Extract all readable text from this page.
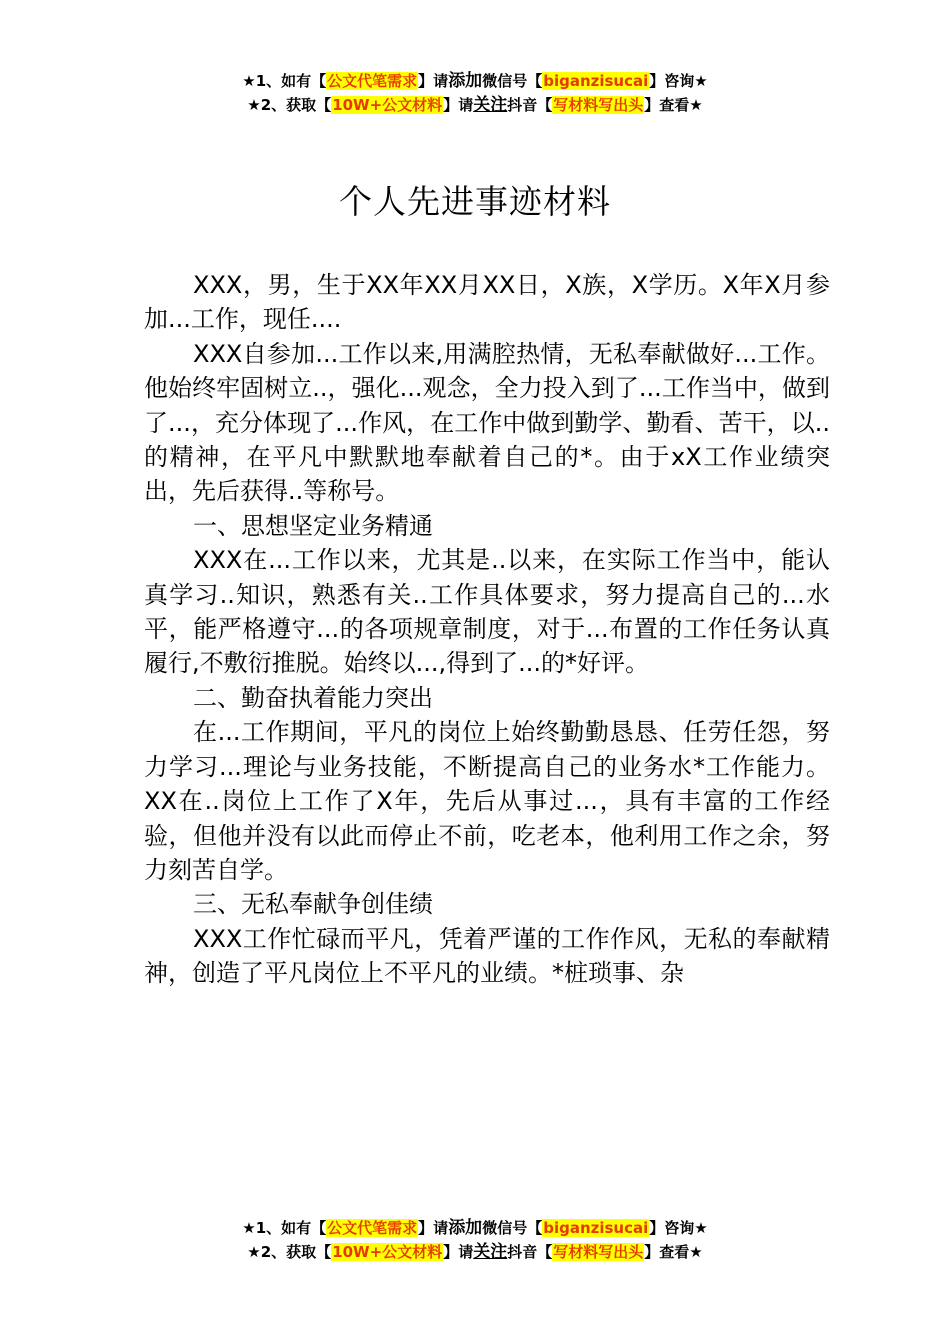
★1、如有【公文代笔需求】请添加微信号【biganzisucai】咨询★
★2、获取【10W+公文材料】请关注抖音【写材料写出头】查看★
个人先进事迹材料

XXX，男，生于XX年XX月XX日，X族，X学历。X年X月参加...工作，现任....

XXX自参加...工作以来,用满腔热情，无私奉献做好...工作。他始终牢固树立..，强化...观念，全力投入到了...工作当中，做到了...，充分体现了...作风，在工作中做到勤学、勤看、苦干，以..的精神，在平凡中默默地奉献着自己的*。由于xX工作业绩突出，先后获得..等称号。

一、思想坚定业务精通

XXX在...工作以来，尤其是..以来，在实际工作当中，能认真学习..知识，熟悉有关..工作具体要求，努力提高自己的...水平，能严格遵守...的各项规章制度，对于...布置的工作任务认真履行,不敷衍推脱。始终以...,得到了...的*好评。

二、勤奋执着能力突出

在...工作期间，平凡的岗位上始终勤勤恳恳、任劳任怨，努力学习...理论与业务技能，不断提高自己的业务水*工作能力。XX在..岗位上工作了X年，先后从事过...，具有丰富的工作经验，但他并没有以此而停止不前，吃老本，他利用工作之余，努力刻苦自学。

三、无私奉献争创佳绩

XXX工作忙碌而平凡，凭着严谨的工作作风，无私的奉献精神，创造了平凡岗位上不平凡的业绩。*桩琐事、杂

★1、如有【公文代笔需求】请添加微信号【biganzisucai】咨询★
★2、获取【10W+公文材料】请关注抖音【写材料写出头】查看★
